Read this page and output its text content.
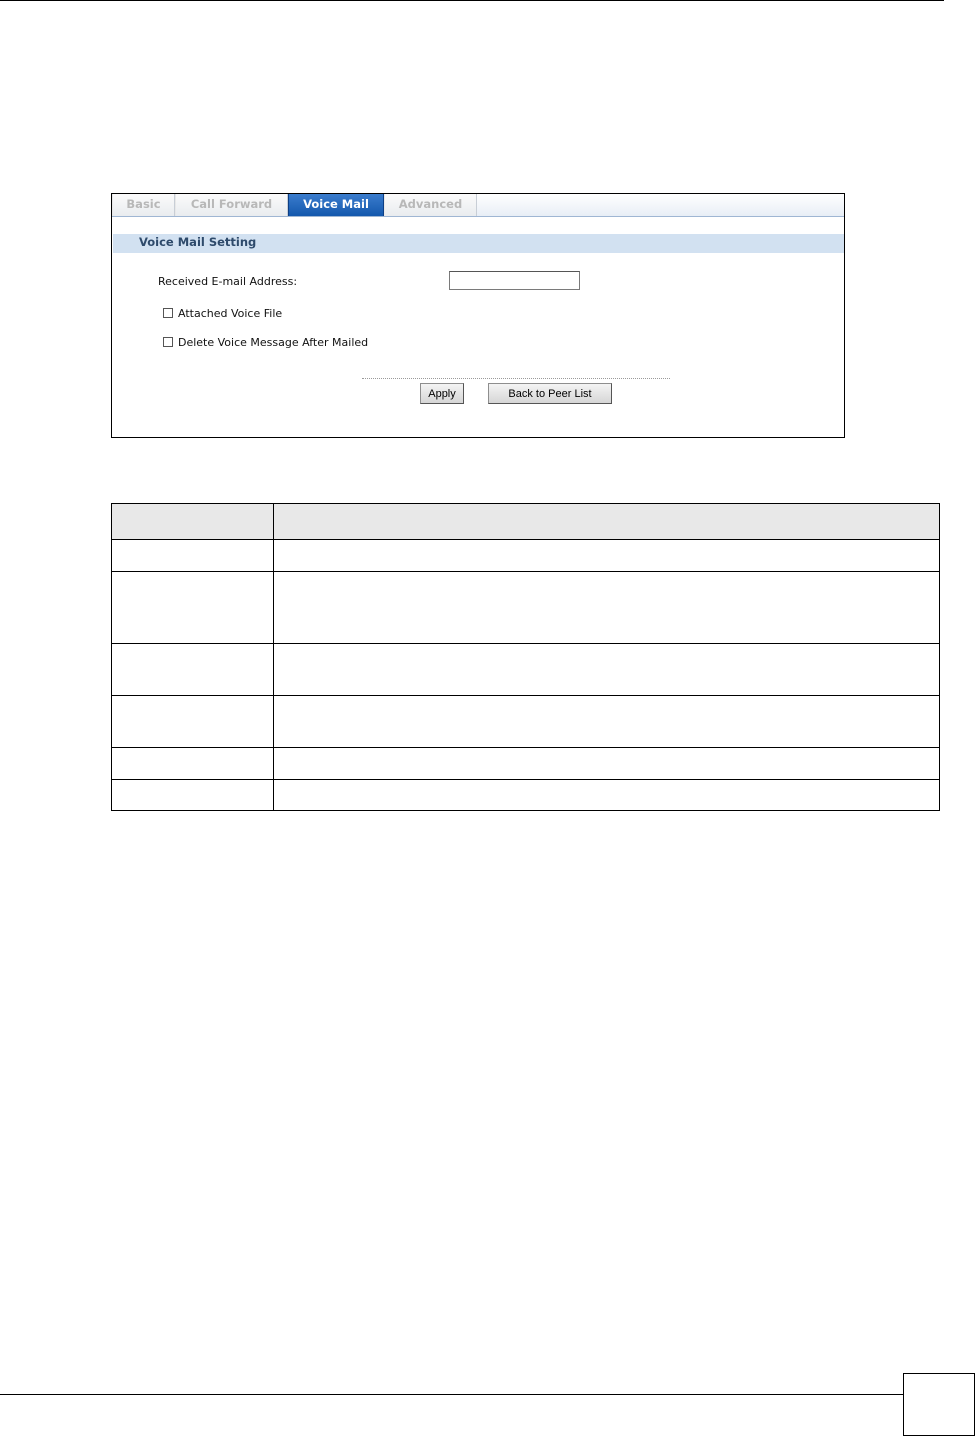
Basic	Call Forward	Voice Mail	Advanced
Voice Mail Setting
Received E-mail Address:
Attached Voice File
Delete Voice Message After Mailed
Apply	Back to Peer List
